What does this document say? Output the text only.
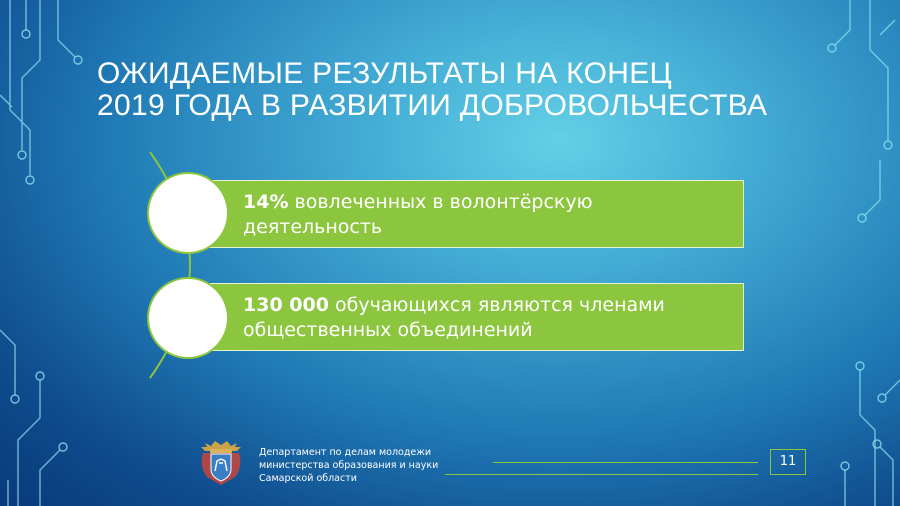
ОЖИДАЕМЫЕ РЕЗУЛЬТАТЫ НА КОНЕЦ
2019 ГОДА В РАЗВИТИИ ДОБРОВОЛЬЧЕСТВА
14% вовлеченных в волонтёрскую деятельность
130 000 обучающихся являются членами общественных объединений
Департамент по делам молодежи
министерства образования и науки
Самарской области
11
